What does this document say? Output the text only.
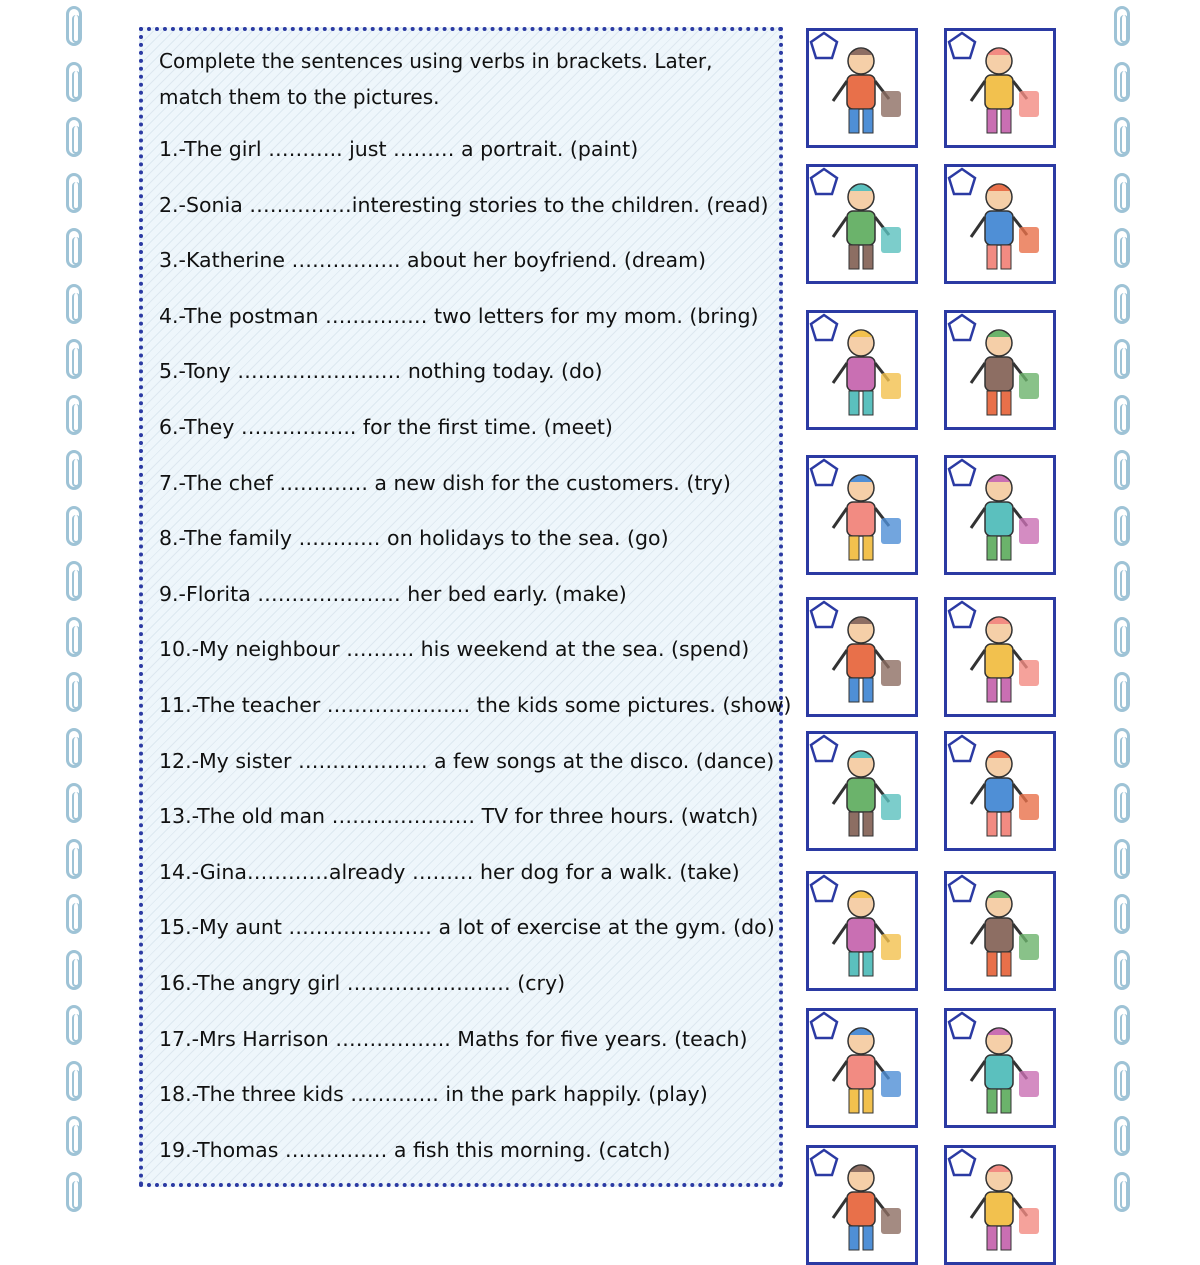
Complete the sentences using verbs in brackets. Later, match them to the pictures.
1.-The girl ……….. just ……… a portrait. (paint)
2.-Sonia ……………interesting stories to the children. (read)
3.-Katherine ……………. about her boyfriend. (dream)
4.-The postman …………… two letters for my mom. (bring)
5.-Tony …………………… nothing today. (do)
6.-They …………….. for the first time. (meet)
7.-The chef …………. a new dish for the customers. (try)
8.-The family ………… on holidays to the sea. (go)
9.-Florita ………………… her bed early. (make)
10.-My neighbour ………. his weekend at the sea. (spend)
11.-The teacher ………………… the kids some pictures. (show)
12.-My sister ………………. a few songs at the disco. (dance)
13.-The old man ………………… TV for three hours. (watch)
14.-Gina…………already ……… her dog for a walk. (take)
15.-My aunt ………………… a lot of exercise at the gym. (do)
16.-The angry girl …………………… (cry)
17.-Mrs Harrison …………….. Maths for five years. (teach)
18.-The three kids …………. in the park happily. (play)
19.-Thomas …………… a fish this morning. (catch)
